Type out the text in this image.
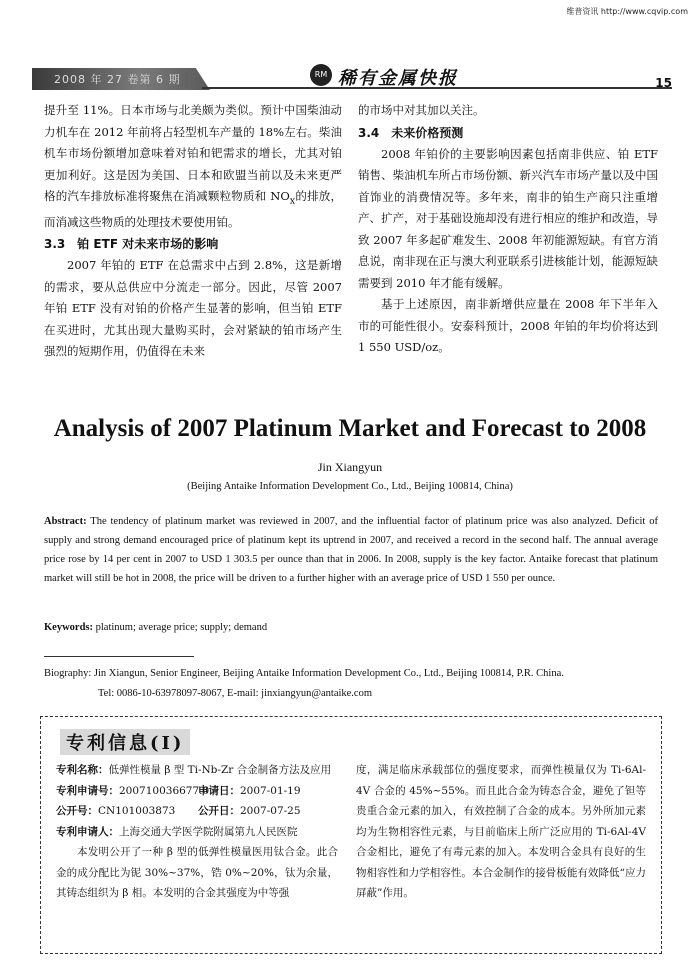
维普资讯 http://www.cqvip.com
2008 年 27 卷第 6 期	RM 稀有金属快报	15

提升至 11%。日本市场与北美颇为类似。预计中国柴油动力机车在 2012 年前将占轻型机车产量的 18%左右。柴油机车市场份额增加意味着对铂和钯需求的增长，尤其对铂更加利好。这是因为美国、日本和欧盟当前以及未来更严格的汽车排放标准将聚焦在消减颗粒物质和 $NO_x$的排放，而消减这些物质的处理技术要使用铂。

3.3　铂 ETF 对未来市场的影响

2007 年铂的 ETF 在总需求中占到 2.8%，这是新增的需求，要从总供应中分流走一部分。因此，尽管 2007 年铂 ETF 没有对铂的价格产生显著的影响，但当铂 ETF 在买进时，尤其出现大量购买时，会对紧缺的铂市场产生强烈的短期作用，仍值得在未来

的市场中对其加以关注。

3.4　未来价格预测

2008 年铂价的主要影响因素包括南非供应、铂 ETF 销售、柴油机车所占市场份额、新兴汽车市场产量以及中国首饰业的消费情况等。多年来，南非的铂生产商只注重增产、扩产，对于基础设施却没有进行相应的维护和改造，导致 2007 年多起矿难发生、2008 年初能源短缺。有官方消息说，南非现在正与澳大利亚联系引进核能计划，能源短缺需要到 2010 年才能有缓解。

基于上述原因，南非新增供应量在 2008 年下半年入市的可能性很小。安泰科预计，2008 年铂的年均价将达到 1 550 USD/oz。

Analysis of 2007 Platinum Market and Forecast to 2008
Jin Xiangyun
(Beijing Antaike Information Development Co., Ltd., Beijing 100814, China)
Abstract: The tendency of platinum market was reviewed in 2007, and the influential factor of platinum price was also analyzed. Deficit of supply and strong demand encouraged price of platinum kept its uptrend in 2007, and received a record in the second half. The annual average price rose by 14 per cent in 2007 to USD 1 303.5 per ounce than that in 2006. In 2008, supply is the key factor. Antaike forecast that platinum market will still be hot in 2008, the price will be driven to a further higher with an average price of USD 1 550 per ounce.
Keywords: platinum; average price; supply; demand
Biography: Jin Xiangun, Senior Engineer, Beijing Antaike Information Development Co., Ltd., Beijing 100814, P.R. China.
Tel: 0086-10-63978097-8067, E-mail: jinxiangyun@antaike.com
专利信息(Ⅰ)
专利名称： 低弹性模量 β 型 Ti-Nb-Zr 合金制备方法及应用
专利申请号：200710036677.0
申请日：2007-01-19
公开号：CN101003873	公开日：2007-07-25
专利申请人： 上海交通大学医学院附属第九人民医院

本发明公开了一种 β 型的低弹性模量医用钛合金。此合金的成分配比为铌 30%~37%，锆 0%~20%，钛为余量，其铸态组织为 β 相。本发明的合金其强度为中等强

度，满足临床承载部位的强度要求，而弹性模量仅为 Ti-6Al-4V 合金的 45%~55%。而且此合金为铸态合金，避免了钽等贵重合金元素的加入，有效控制了合金的成本。另外所加元素均为生物相容性元素，与目前临床上所广泛应用的 Ti-6Al-4V 合金相比，避免了有毒元素的加入。本发明合金具有良好的生物相容性和力学相容性。本合金制作的接骨板能有效降低“应力屏蔽”作用。
